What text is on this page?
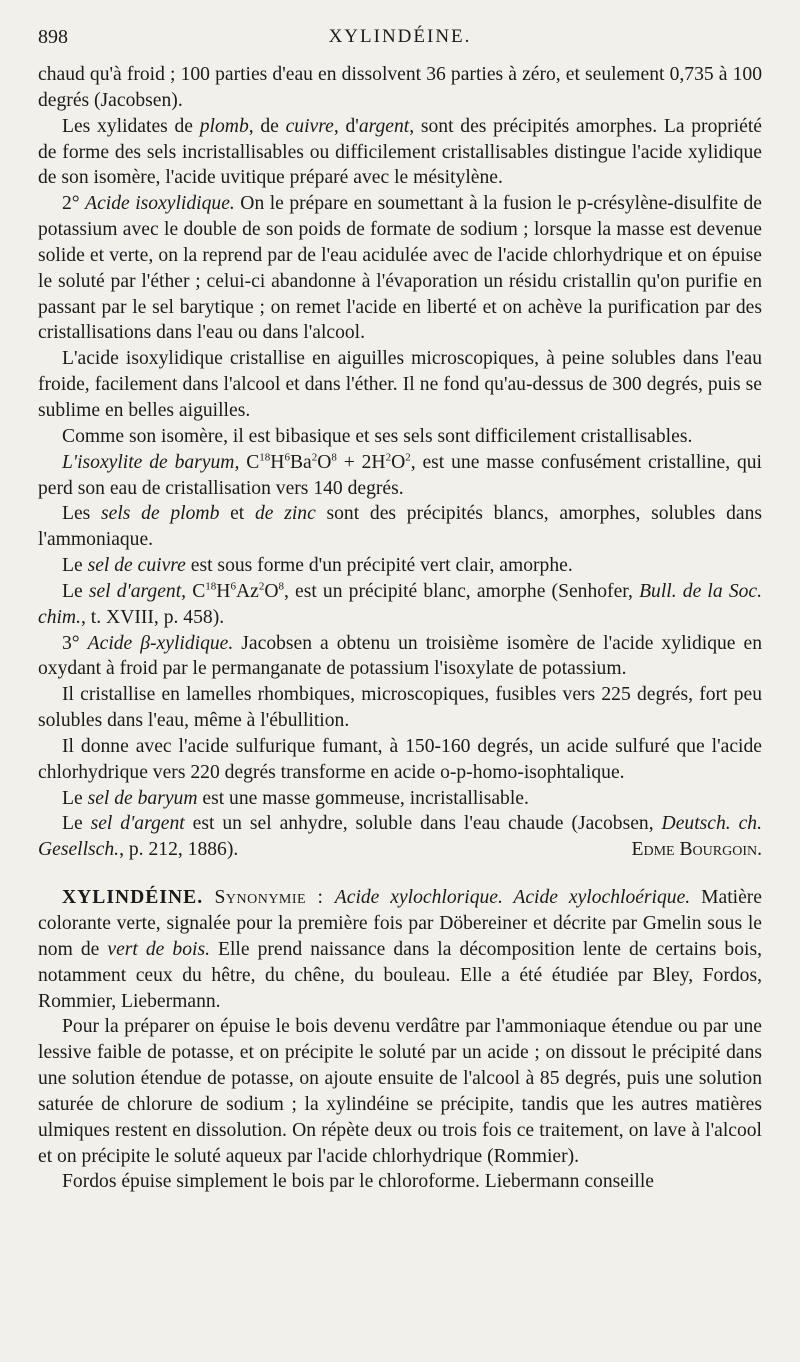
898	XYLINDÉINE.

chaud qu'à froid ; 100 parties d'eau en dissolvent 36 parties à zéro, et seulement 0,735 à 100 degrés (Jacobsen).

Les xylidates de plomb, de cuivre, d'argent, sont des précipités amorphes. La propriété de forme des sels incristallisables ou difficilement cristallisables distingue l'acide xylidique de son isomère, l'acide uvitique préparé avec le mésitylène.

2° Acide isoxylidique. On le prépare en soumettant à la fusion le p-crésylène-disulfite de potassium avec le double de son poids de formate de sodium ; lorsque la masse est devenue solide et verte, on la reprend par de l'eau acidulée avec de l'acide chlorhydrique et on épuise le soluté par l'éther ; celui-ci abandonne à l'évaporation un résidu cristallin qu'on purifie en passant par le sel barytique ; on remet l'acide en liberté et on achève la purification par des cristallisations dans l'eau ou dans l'alcool.

L'acide isoxylidique cristallise en aiguilles microscopiques, à peine solubles dans l'eau froide, facilement dans l'alcool et dans l'éther. Il ne fond qu'au-dessus de 300 degrés, puis se sublime en belles aiguilles.

Comme son isomère, il est bibasique et ses sels sont difficilement cristallisables.

L'isoxylite de baryum, $C^{18}H^6Ba^2O^8 + 2H^2O^2$, est une masse confusément cristalline, qui perd son eau de cristallisation vers 140 degrés.

Les sels de plomb et de zinc sont des précipités blancs, amorphes, solubles dans l'ammoniaque.

Le sel de cuivre est sous forme d'un précipité vert clair, amorphe.

Le sel d'argent, $C^{18}H^6Az^2O^8$, est un précipité blanc, amorphe (Senhofer, Bull. de la Soc. chim., t. XVIII, p. 458).

3° Acide β-xylidique. Jacobsen a obtenu un troisième isomère de l'acide xylidique en oxydant à froid par le permanganate de potassium l'isoxylate de potassium.

Il cristallise en lamelles rhombiques, microscopiques, fusibles vers 225 degrés, fort peu solubles dans l'eau, même à l'ébullition.

Il donne avec l'acide sulfurique fumant, à 150-160 degrés, un acide sulfuré que l'acide chlorhydrique vers 220 degrés transforme en acide o-p-homo-isophtalique.

Le sel de baryum est une masse gommeuse, incristallisable.

Le sel d'argent est un sel anhydre, soluble dans l'eau chaude (Jacobsen, Deutsch. ch. Gesellsch., p. 212, 1886).	Edme Bourgoin.

XYLINDÉINE. Synonymie : Acide xylochlorique. Acide xylochloérique. Matière colorante verte, signalée pour la première fois par Döbereiner et décrite par Gmelin sous le nom de vert de bois. Elle prend naissance dans la décomposition lente de certains bois, notamment ceux du hêtre, du chêne, du bouleau. Elle a été étudiée par Bley, Fordos, Rommier, Liebermann.

Pour la préparer on épuise le bois devenu verdâtre par l'ammoniaque étendue ou par une lessive faible de potasse, et on précipite le soluté par un acide ; on dissout le précipité dans une solution étendue de potasse, on ajoute ensuite de l'alcool à 85 degrés, puis une solution saturée de chlorure de sodium ; la xylindéine se précipite, tandis que les autres matières ulmiques restent en dissolution. On répète deux ou trois fois ce traitement, on lave à l'alcool et on précipite le soluté aqueux par l'acide chlorhydrique (Rommier).

Fordos épuise simplement le bois par le chloroforme. Liebermann conseille
